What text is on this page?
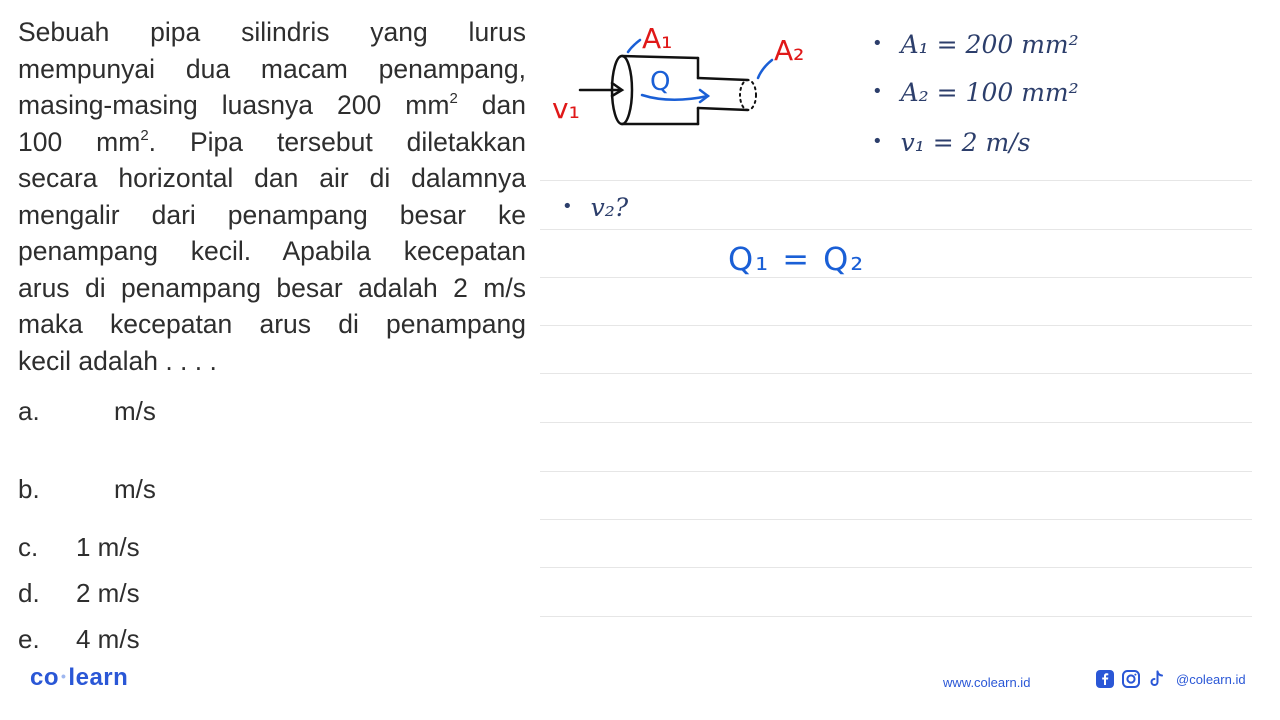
Sebuah pipa silindris yang lurus
mempunyai dua macam penampang,
masing-masing luasnya 200 $mm^2$ dan
100 $mm^2$. Pipa tersebut diletakkan
secara horizontal dan air di dalamnya
mengalir dari penampang besar ke
penampang kecil. Apabila kecepatan
arus di penampang besar adalah 2 m/s
maka kecepatan arus di penampang
kecil adalah . . . .
a.	m/s
b.	m/s
c. 1 m/s
d. 2 m/s
e. 4 m/s
Q
A₁	A₂
v₁
• A₁ = 200 mm²
• A₂ = 100 mm²
• v₁ = 2 m/s
• v₂?
Q₁ = Q₂
co •learn	www.colearn.id	@colearn.id
